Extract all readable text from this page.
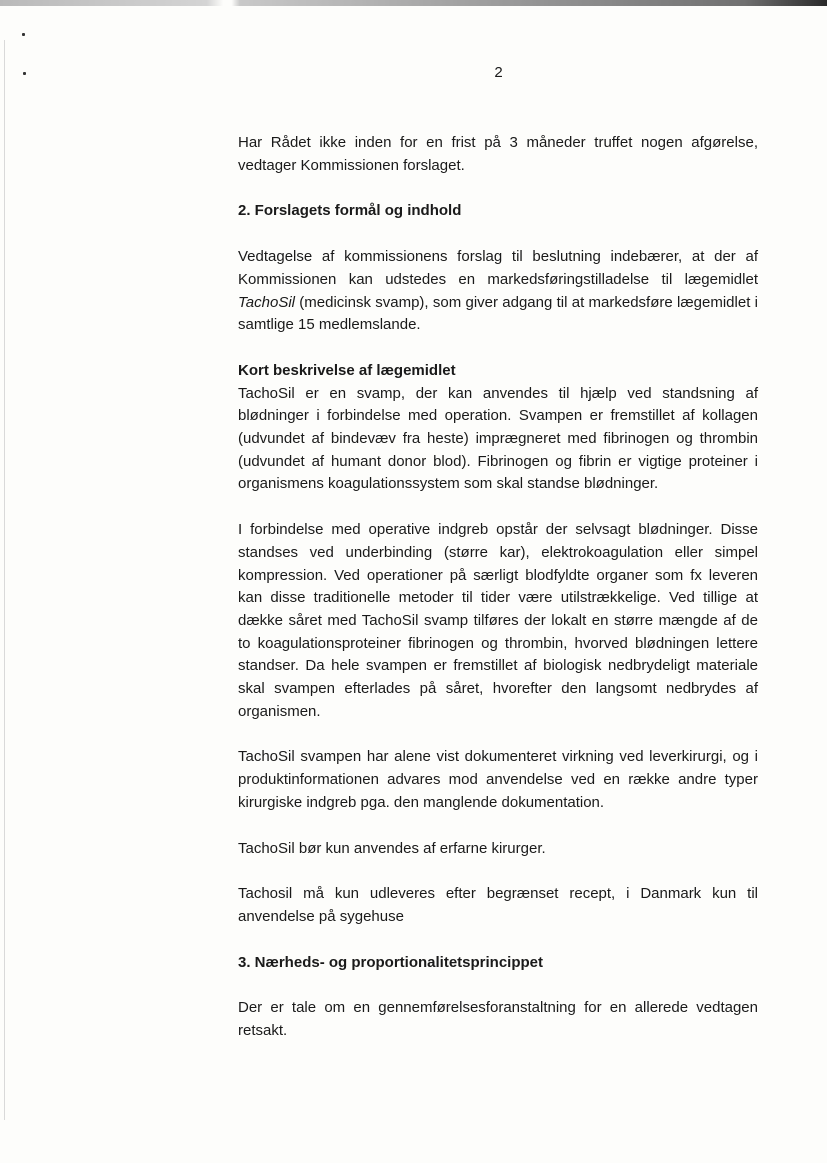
2

Har Rådet ikke inden for en frist på 3 måneder truffet nogen afgørelse, vedtager Kommissionen forslaget.

2. Forslagets formål og indhold

Vedtagelse af kommissionens forslag til beslutning indebærer, at der af Kommissionen kan udstedes en markedsføringstilladelse til lægemidlet TachoSil (medicinsk svamp), som giver adgang til at markedsføre lægemidlet i samtlige 15 medlemslande.

Kort beskrivelse af lægemidlet

TachoSil er en svamp, der kan anvendes til hjælp ved standsning af blødninger i forbindelse med operation. Svampen er fremstillet af kollagen (udvundet af bindevæv fra heste) imprægneret med fibrinogen og thrombin (udvundet af humant donor blod). Fibrinogen og fibrin er vigtige proteiner i organismens koagulationssystem som skal standse blødninger.

I forbindelse med operative indgreb opstår der selvsagt blødninger. Disse standses ved underbinding (større kar), elektrokoagulation eller simpel kompression. Ved operationer på særligt blodfyldte organer som fx leveren kan disse traditionelle metoder til tider være utilstrækkelige. Ved tillige at dække såret med TachoSil svamp tilføres der lokalt en større mængde af de to koagulationsproteiner fibrinogen og thrombin, hvorved blødningen lettere standser. Da hele svampen er fremstillet af biologisk nedbrydeligt materiale skal svampen efterlades på såret, hvorefter den langsomt nedbrydes af organismen.

TachoSil svampen har alene vist dokumenteret virkning ved leverkirurgi, og i produktinformationen advares mod anvendelse ved en række andre typer kirurgiske indgreb pga. den manglende dokumentation.

TachoSil bør kun anvendes af erfarne kirurger.

Tachosil må kun udleveres efter begrænset recept, i Danmark kun til anvendelse på sygehuse

3. Nærheds- og proportionalitetsprincippet

Der er tale om en gennemførelsesforanstaltning for en allerede vedtagen retsakt.
